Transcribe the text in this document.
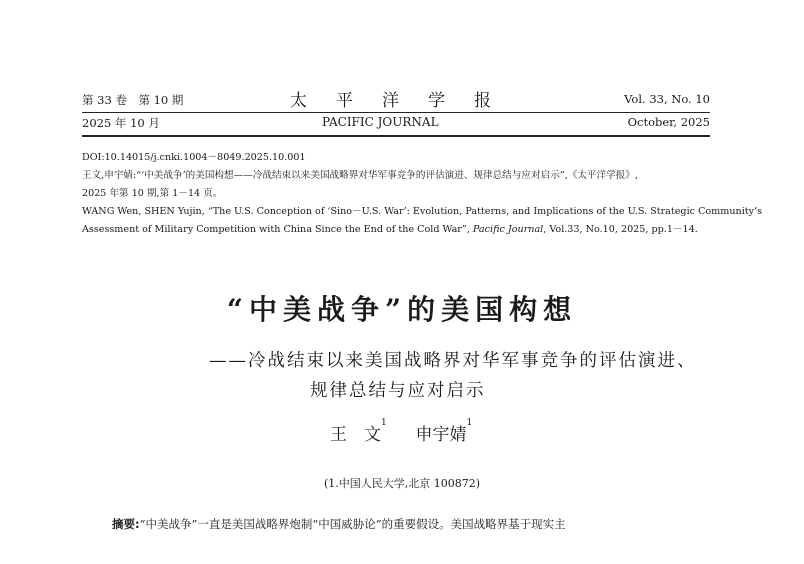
第 33 卷　第 10 期	太　平　洋　学　报	Vol. 33, No. 10
2025 年 10 月	PACIFIC JOURNAL	October, 2025
DOI:10.14015/j.cnki.1004－8049.2025.10.001
王文,申宇婧:“‘中美战争’的美国构想——冷战结束以来美国战略界对华军事竞争的评估演进、规律总结与应对启示”,《太平洋学报》,
2025 年第 10 期,第 1－14 页。
WANG Wen, SHEN Yujin, “The U.S. Conception of ‘Sino－U.S. War’: Evolution, Patterns, and Implications of the U.S. Strategic Community’s
Assessment of Military Competition with China Since the End of the Cold War”, Pacific Journal, Vol.33, No.10, 2025, pp.1－14.
“中美战争”的美国构想
——冷战结束以来美国战略界对华军事竞争的评估演进、
规律总结与应对启示
王　文$^1$  申宇婧$^1$
(1.中国人民大学,北京 100872)
摘要:“中美战争”一直是美国战略界炮制“中国威胁论”的重要假设。美国战略界基于现实主
